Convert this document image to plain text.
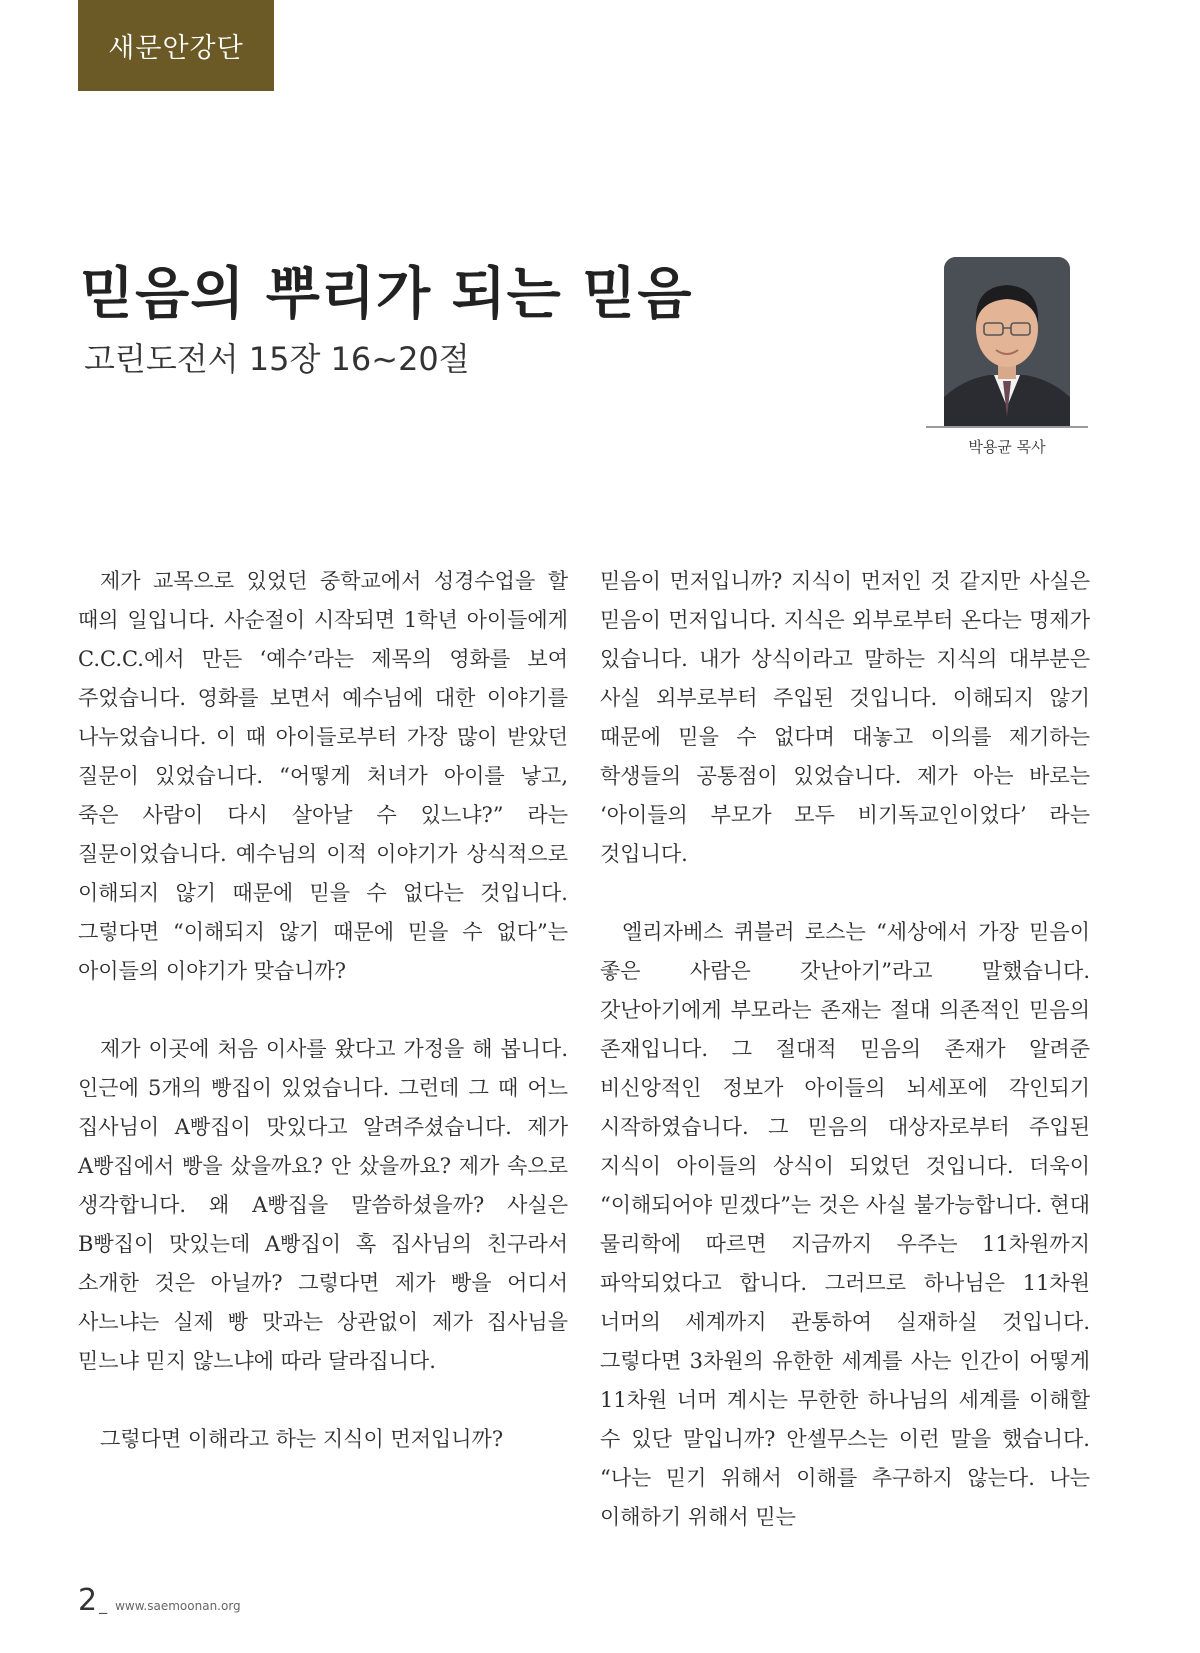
새문안강단
믿음의 뿌리가 되는 믿음
고린도전서 15장 16~20절
박용균 목사

제가 교목으로 있었던 중학교에서 성경수업을 할 때의 일입니다. 사순절이 시작되면 1학년 아이들에게 C.C.C.에서 만든 ‘예수’라는 제목의 영화를 보여 주었습니다. 영화를 보면서 예수님에 대한 이야기를 나누었습니다. 이 때 아이들로부터 가장 많이 받았던 질문이 있었습니다. “어떻게 처녀가 아이를 낳고, 죽은 사람이 다시 살아날 수 있느냐?” 라는 질문이었습니다. 예수님의 이적 이야기가 상식적으로 이해되지 않기 때문에 믿을 수 없다는 것입니다. 그렇다면 “이해되지 않기 때문에 믿을 수 없다”는 아이들의 이야기가 맞습니까?

제가 이곳에 처음 이사를 왔다고 가정을 해 봅니다. 인근에 5개의 빵집이 있었습니다. 그런데 그 때 어느 집사님이 A빵집이 맛있다고 알려주셨습니다. 제가 A빵집에서 빵을 샀을까요? 안 샀을까요? 제가 속으로 생각합니다. 왜 A빵집을 말씀하셨을까? 사실은 B빵집이 맛있는데 A빵집이 혹 집사님의 친구라서 소개한 것은 아닐까? 그렇다면 제가 빵을 어디서 사느냐는 실제 빵 맛과는 상관없이 제가 집사님을 믿느냐 믿지 않느냐에 따라 달라집니다.

그렇다면 이해라고 하는 지식이 먼저입니까?

믿음이 먼저입니까? 지식이 먼저인 것 같지만 사실은 믿음이 먼저입니다. 지식은 외부로부터 온다는 명제가 있습니다. 내가 상식이라고 말하는 지식의 대부분은 사실 외부로부터 주입된 것입니다. 이해되지 않기 때문에 믿을 수 없다며 대놓고 이의를 제기하는 학생들의 공통점이 있었습니다. 제가 아는 바로는 ‘아이들의 부모가 모두 비기독교인이었다’ 라는 것입니다.

엘리자베스 퀴블러 로스는 “세상에서 가장 믿음이 좋은 사람은 갓난아기”라고 말했습니다. 갓난아기에게 부모라는 존재는 절대 의존적인 믿음의 존재입니다. 그 절대적 믿음의 존재가 알려준 비신앙적인 정보가 아이들의 뇌세포에 각인되기 시작하였습니다. 그 믿음의 대상자로부터 주입된 지식이 아이들의 상식이 되었던 것입니다. 더욱이 “이해되어야 믿겠다”는 것은 사실 불가능합니다. 현대 물리학에 따르면 지금까지 우주는 11차원까지 파악되었다고 합니다. 그러므로 하나님은 11차원 너머의 세계까지 관통하여 실재하실 것입니다. 그렇다면 3차원의 유한한 세계를 사는 인간이 어떻게 11차원 너머 계시는 무한한 하나님의 세계를 이해할 수 있단 말입니까? 안셀무스는 이런 말을 했습니다. “나는 믿기 위해서 이해를 추구하지 않는다. 나는 이해하기 위해서 믿는

2 _ www.saemoonan.org
